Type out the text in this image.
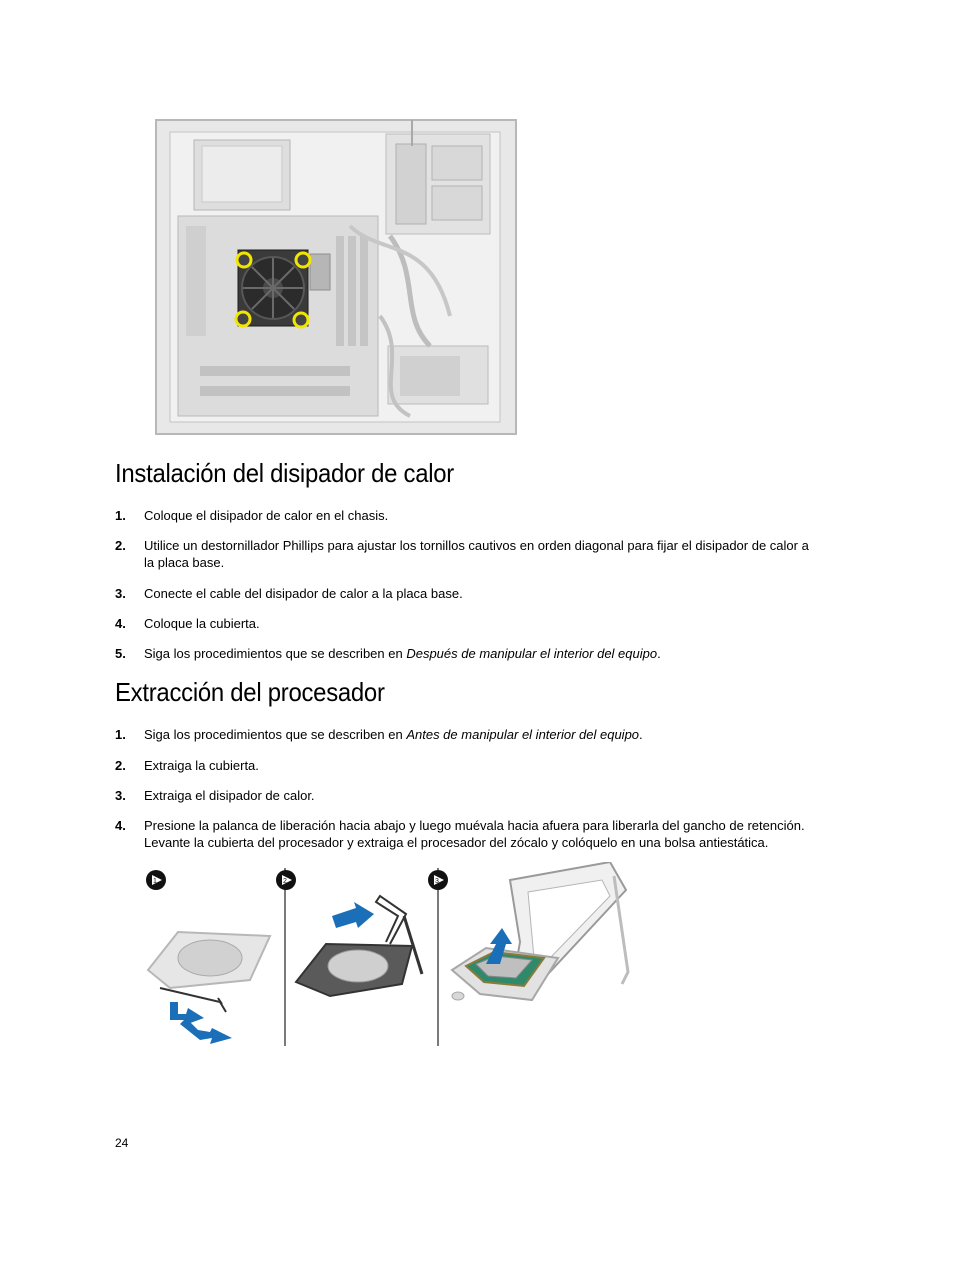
Instalación del disipador de calor
1. Coloque el disipador de calor en el chasis.
2. Utilice un destornillador Phillips para ajustar los tornillos cautivos en orden diagonal para fijar el disipador de calor a la placa base.
3. Conecte el cable del disipador de calor a la placa base.
4. Coloque la cubierta.
5. Siga los procedimientos que se describen en Después de manipular el interior del equipo.
Extracción del procesador
1. Siga los procedimientos que se describen en Antes de manipular el interior del equipo.
2. Extraiga la cubierta.
3. Extraiga el disipador de calor.
4. Presione la palanca de liberación hacia abajo y luego muévala hacia afuera para liberarla del gancho de retención. Levante la cubierta del procesador y extraiga el procesador del zócalo y colóquelo en una bolsa antiestática.
1	2	3
24
